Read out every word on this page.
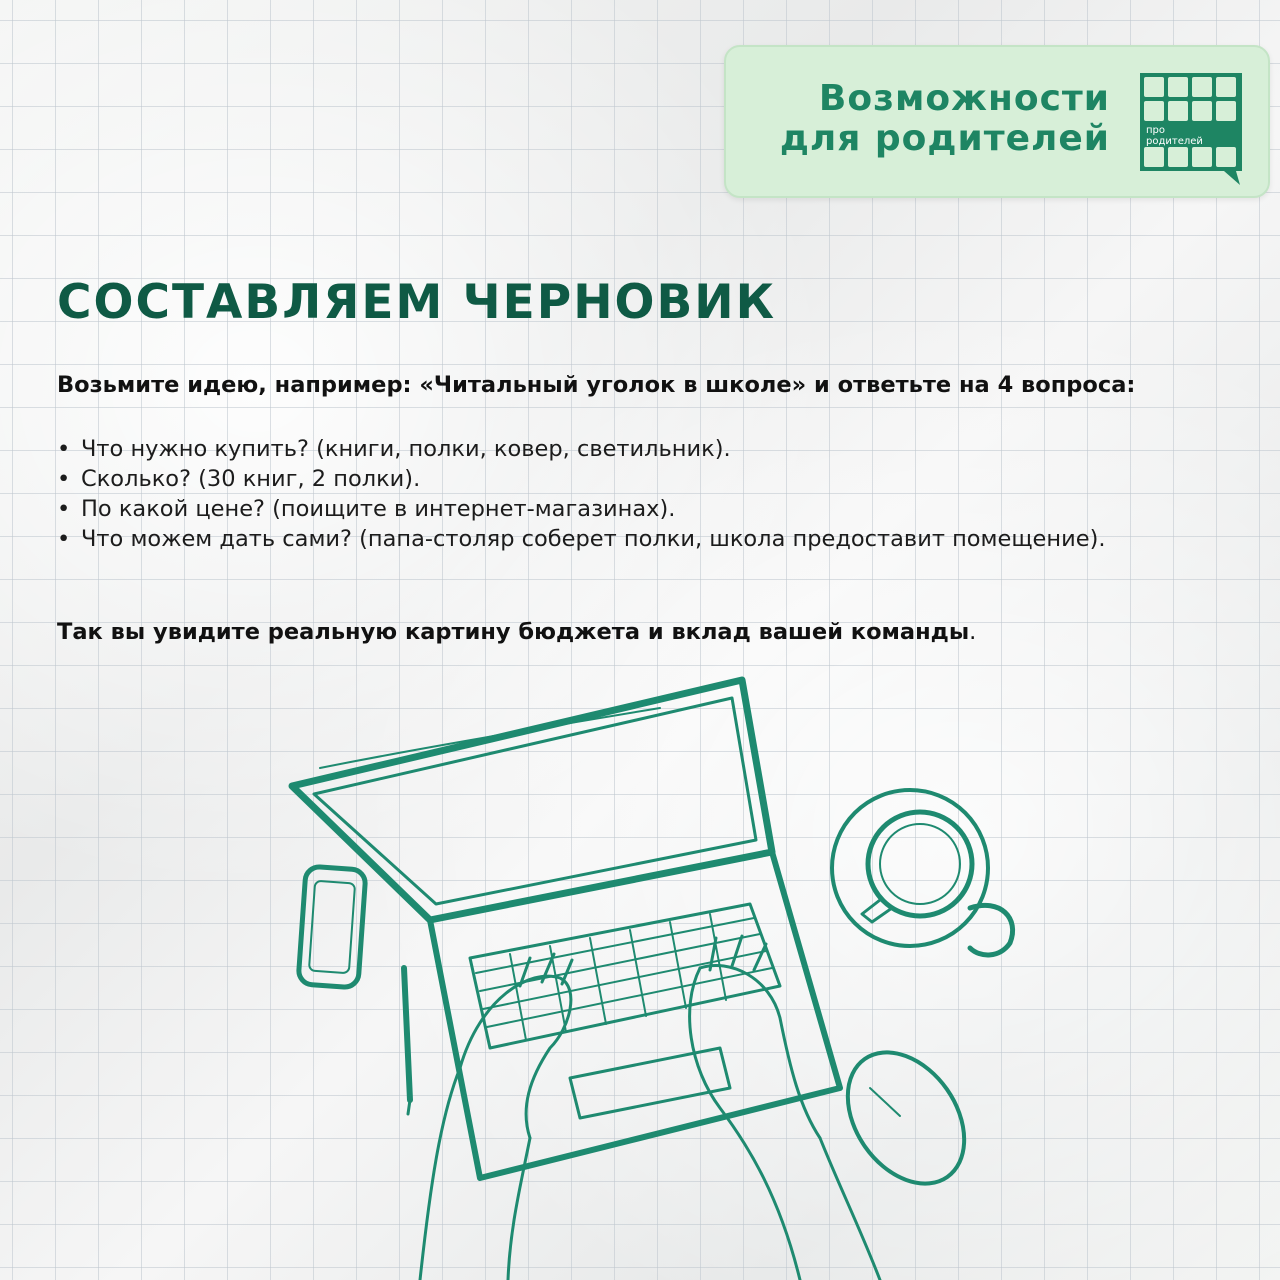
Возможности
для родителей	про
родителей
СОСТАВЛЯЕМ ЧЕРНОВИК

Возьмите идею, например: «Читальный уголок в школе» и ответьте на 4 вопроса:

• Что нужно купить? (книги, полки, ковер, светильник).
• Сколько? (30 книг, 2 полки).
• По какой цене? (поищите в интернет-магазинах).
• Что можем дать сами? (папа-столяр соберет полки, школа предоставит помещение).

Так вы увидите реальную картину бюджета и вклад вашей команды.
